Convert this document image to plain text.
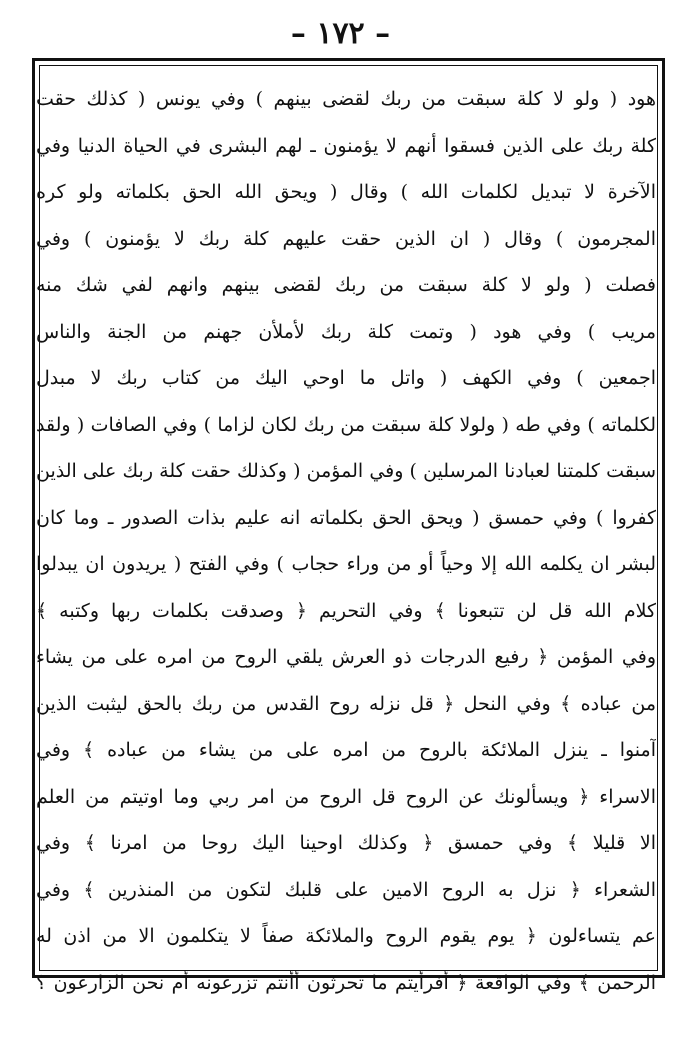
– ١٧٢ –
هود ( ولو لا كلة سبقت من ربك لقضى بينهم ) وفي يونس ( كذلك حقت
كلة ربك على الذين فسقوا أنهم لا يؤمنون ـ لهم البشرى في الحياة الدنيا وفي
الآخرة لا تبديل لكلمات الله ) وقال ( ويحق الله الحق بكلماته ولو كره
المجرمون ) وقال ( ان الذين حقت عليهم كلة ربك لا يؤمنون ) وفي
فصلت ( ولو لا كلة سبقت من ربك لقضى بينهم وانهم لفي شك منه
مريب ) وفي هود ( وتمت كلة ربك لأملأن جهنم من الجنة والناس
اجمعين ) وفي الكهف ( واتل ما اوحي اليك من كتاب ربك لا مبدل
لكلماته ) وفي طه ( ولولا كلة سبقت من ربك لكان لزاما ) وفي الصافات ( ولقد
سبقت كلمتنا لعبادنا المرسلين ) وفي المؤمن ( وكذلك حقت كلة ربك على الذين
كفروا ) وفي حمسق ( ويحق الحق بكلماته انه عليم بذات الصدور ـ وما كان
لبشر ان يكلمه الله إلا وحياً أو من وراء حجاب ) وفي الفتح ( يريدون ان يبدلوا
كلام الله قل لن تتبعونا ﴾ وفي التحريم ﴿ وصدقت بكلمات ربها وكتبه ﴾
وفي المؤمن ﴿ رفيع الدرجات ذو العرش يلقي الروح من امره على من يشاء
من عباده ﴾ وفي النحل ﴿ قل نزله روح القدس من ربك بالحق ليثبت الذين
آمنوا ـ ينزل الملائكة بالروح من امره على من يشاء من عباده ﴾ وفي
الاسراء ﴿ ويسألونك عن الروح قل الروح من امر ربي وما اوتيتم من العلم
الا قليلا ﴾ وفي حمسق ﴿ وكذلك اوحينا اليك روحا من امرنا ﴾ وفي
الشعراء ﴿ نزل به الروح الامين على قلبك لتكون من المنذرين ﴾ وفي
عم يتساءلون ﴿ يوم يقوم الروح والملائكة صفاً لا يتكلمون الا من اذن له
الرحمن ﴾ وفي الواقعة ﴿ أفرأيتم ما تحرثون أأنتم تزرعونه أم نحن الزارعون ؟
